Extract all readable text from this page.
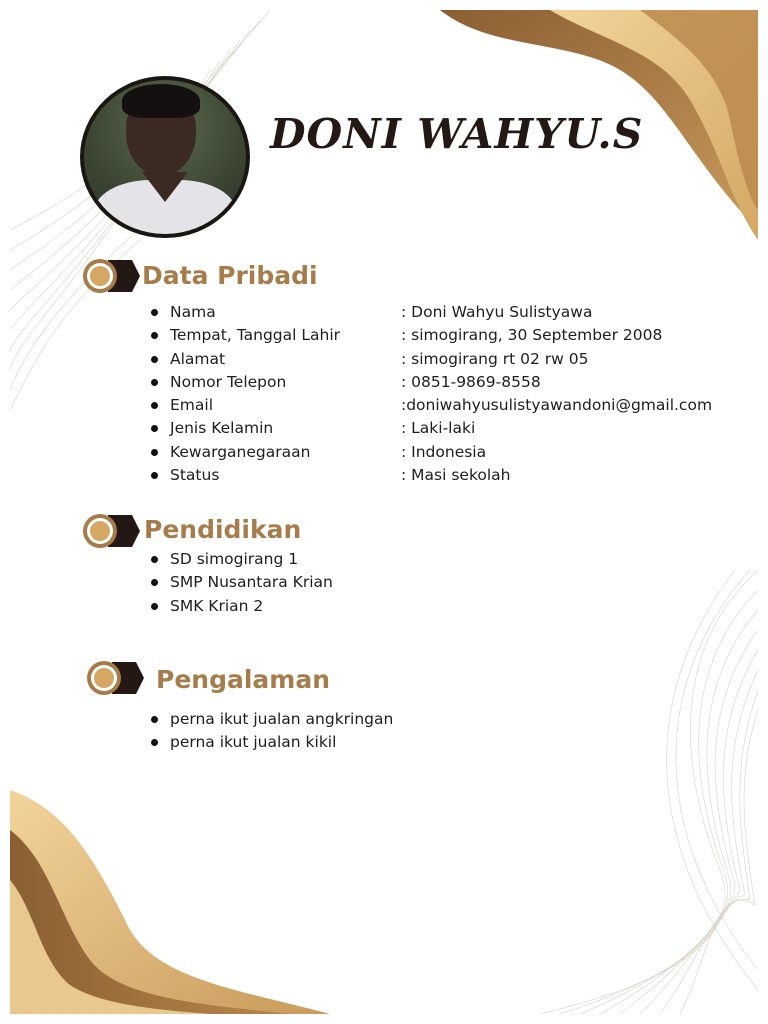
DONI WAHYU.S
Data Pribadi
Nama
Tempat, Tanggal Lahir
Alamat
Nomor Telepon
Email
Jenis Kelamin
Kewarganegaraan
Status
: Doni Wahyu Sulistyawa
: simogirang, 30 September 2008
: simogirang rt 02 rw 05
: 0851-9869-8558
:doniwahyusulistyawandoni@gmail.com
: Laki-laki
: Indonesia
: Masi sekolah
Pendidikan
SD simogirang 1
SMP Nusantara Krian
SMK Krian 2
Pengalaman
perna ikut jualan angkringan
perna ikut jualan kikil
